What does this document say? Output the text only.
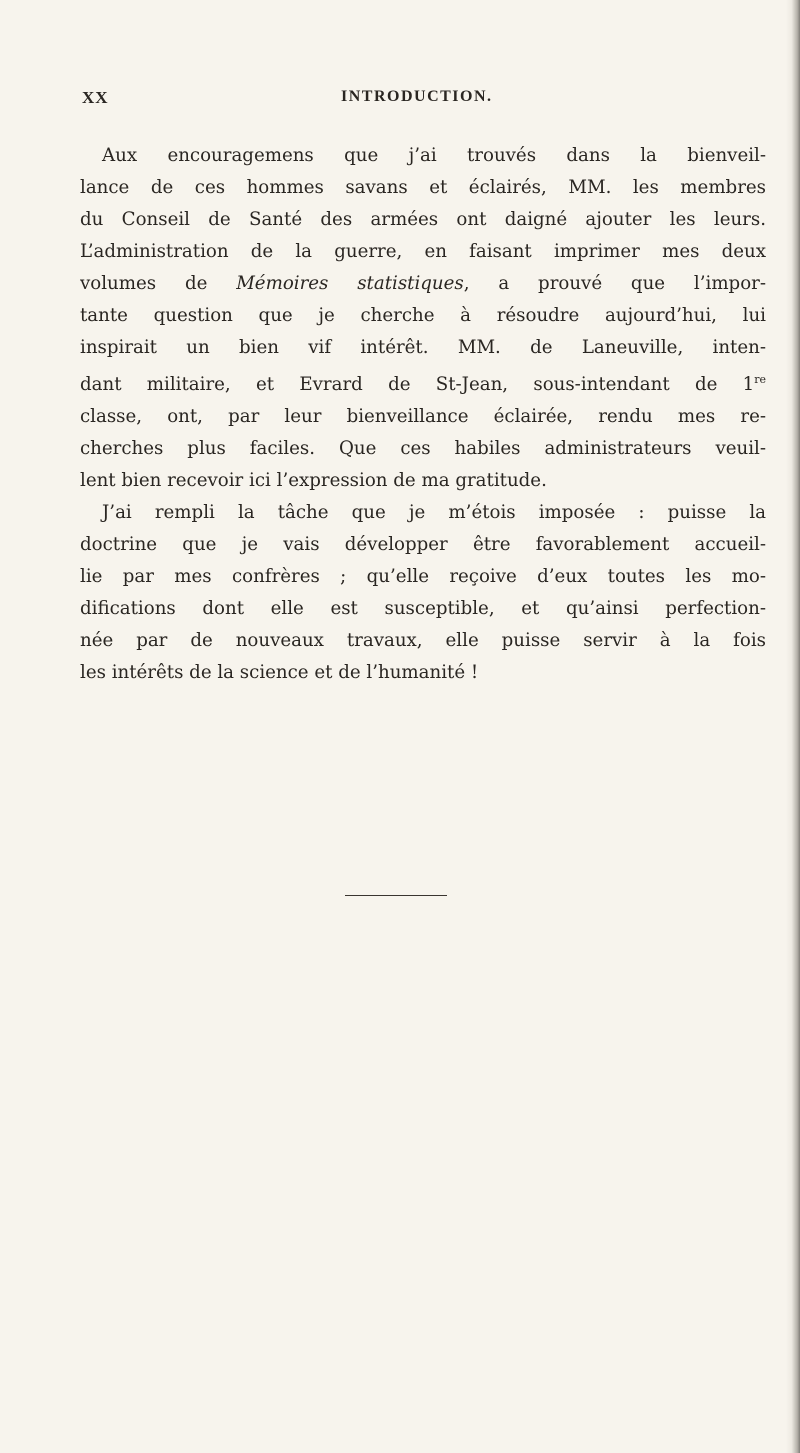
XX	INTRODUCTION.

Aux encouragemens que j’ai trouvés dans la bienveil-
lance de ces hommes savans et éclairés, MM. les membres
du Conseil de Santé des armées ont daigné ajouter les leurs.
L’administration de la guerre, en faisant imprimer mes deux
volumes de Mémoires statistiques, a prouvé que l’impor-
tante question que je cherche à résoudre aujourd’hui, lui
inspirait un bien vif intérêt. MM. de Laneuville, inten-
dant militaire, et Evrard de St-Jean, sous-intendant de 1re
classe, ont, par leur bienveillance éclairée, rendu mes re-
cherches plus faciles. Que ces habiles administrateurs veuil-
lent bien recevoir ici l’expression de ma gratitude.

J’ai rempli la tâche que je m’étois imposée : puisse la
doctrine que je vais développer être favorablement accueil-
lie par mes confrères ; qu’elle reçoive d’eux toutes les mo-
difications dont elle est susceptible, et qu’ainsi perfection-
née par de nouveaux travaux, elle puisse servir à la fois
les intérêts de la science et de l’humanité !
